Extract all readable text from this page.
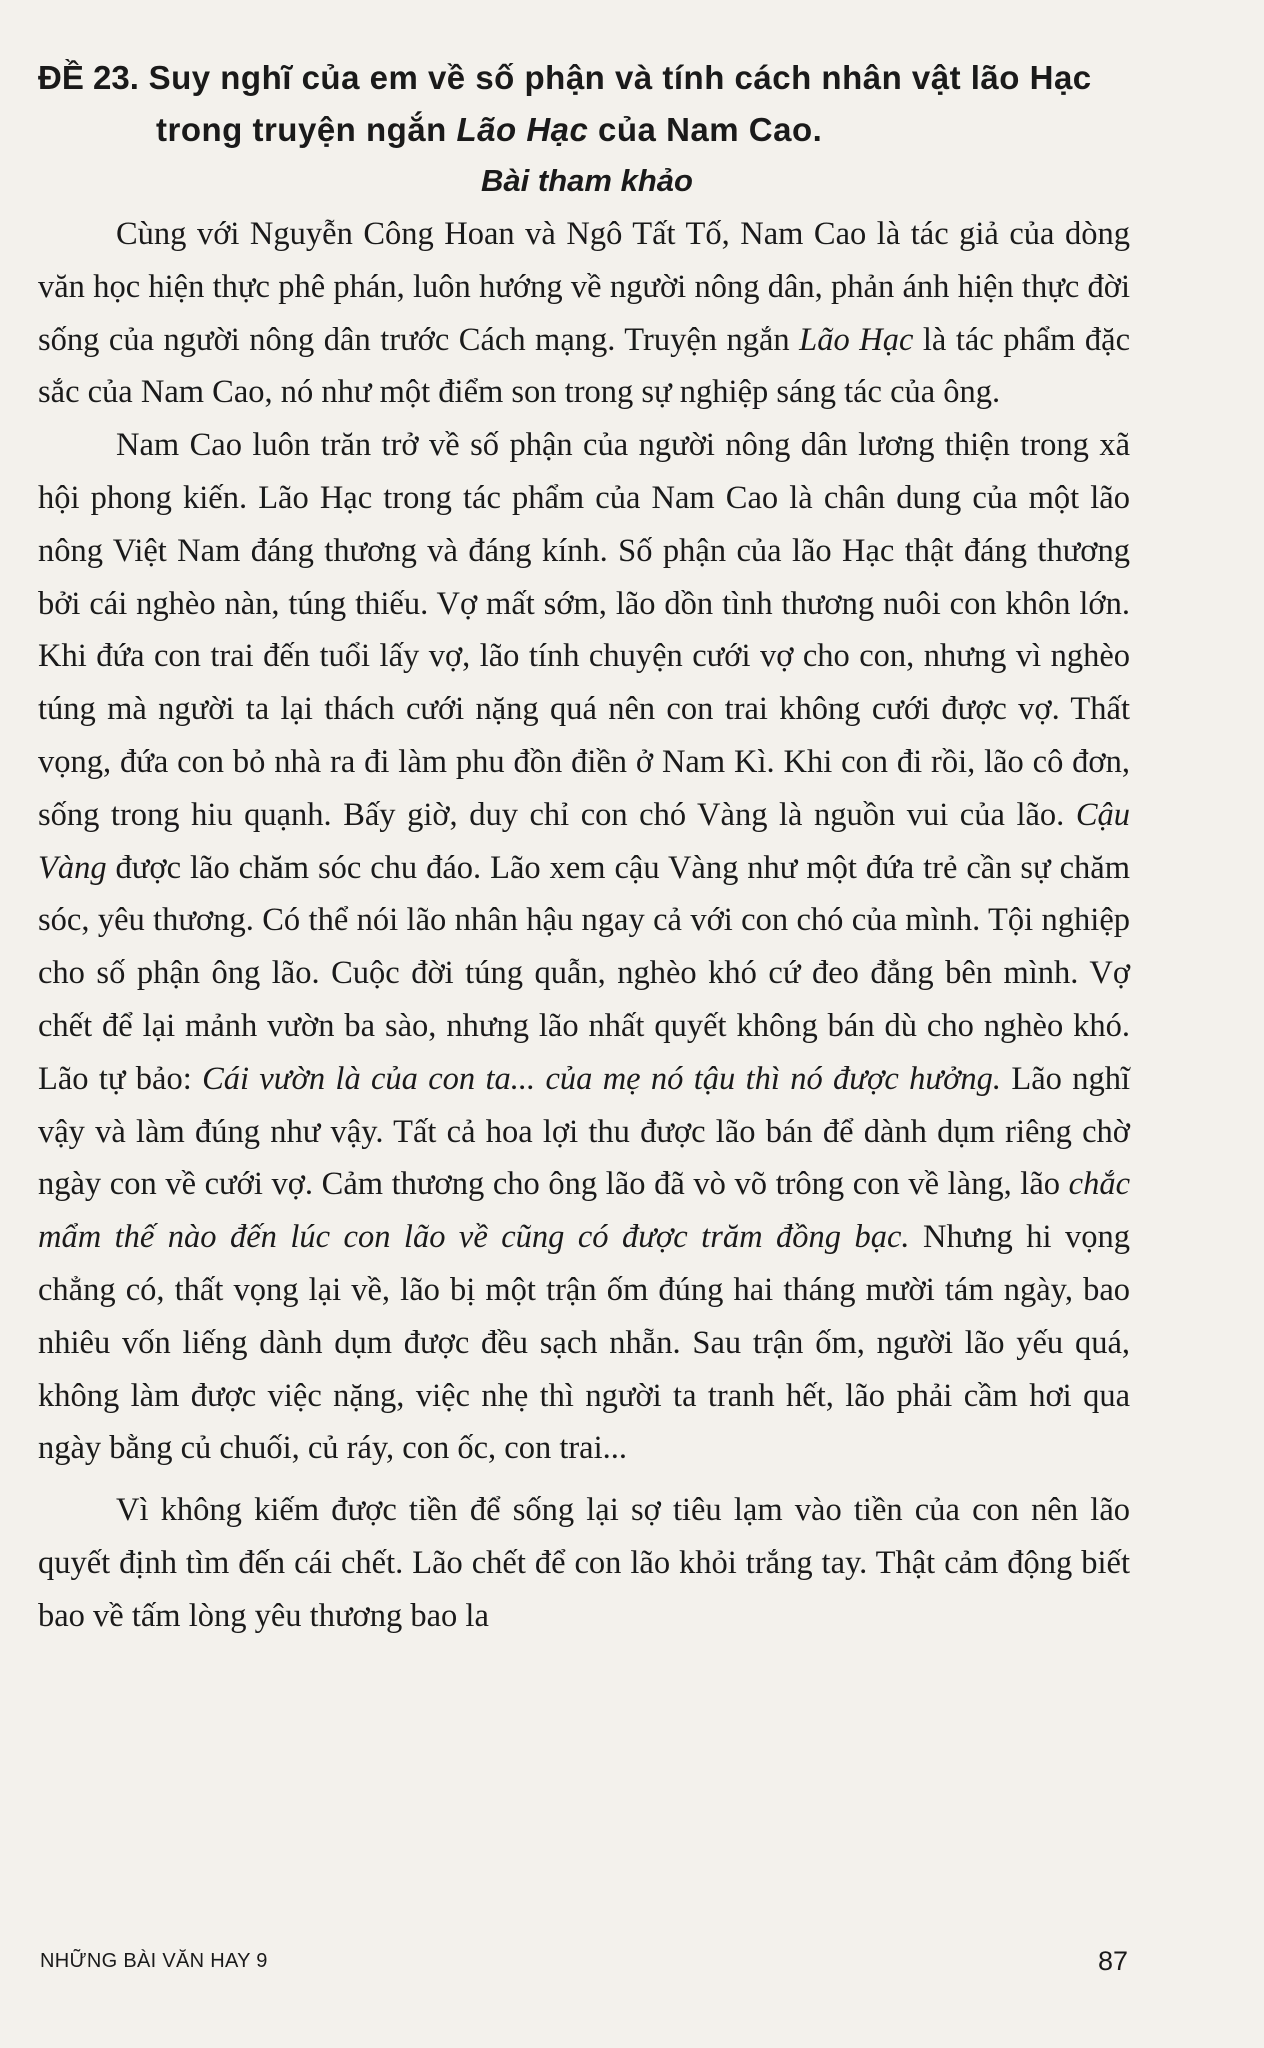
ĐỀ 23. Suy nghĩ của em về số phận và tính cách nhân vật lão Hạc trong truyện ngắn Lão Hạc của Nam Cao.

Bài tham khảo

Cùng với Nguyễn Công Hoan và Ngô Tất Tố, Nam Cao là tác giả của dòng văn học hiện thực phê phán, luôn hướng về người nông dân, phản ánh hiện thực đời sống của người nông dân trước Cách mạng. Truyện ngắn Lão Hạc là tác phẩm đặc sắc của Nam Cao, nó như một điểm son trong sự nghiệp sáng tác của ông.

Nam Cao luôn trăn trở về số phận của người nông dân lương thiện trong xã hội phong kiến. Lão Hạc trong tác phẩm của Nam Cao là chân dung của một lão nông Việt Nam đáng thương và đáng kính. Số phận của lão Hạc thật đáng thương bởi cái nghèo nàn, túng thiếu. Vợ mất sớm, lão dồn tình thương nuôi con khôn lớn. Khi đứa con trai đến tuổi lấy vợ, lão tính chuyện cưới vợ cho con, nhưng vì nghèo túng mà người ta lại thách cưới nặng quá nên con trai không cưới được vợ. Thất vọng, đứa con bỏ nhà ra đi làm phu đồn điền ở Nam Kì. Khi con đi rồi, lão cô đơn, sống trong hiu quạnh. Bấy giờ, duy chỉ con chó Vàng là nguồn vui của lão. Cậu Vàng được lão chăm sóc chu đáo. Lão xem cậu Vàng như một đứa trẻ cần sự chăm sóc, yêu thương. Có thể nói lão nhân hậu ngay cả với con chó của mình. Tội nghiệp cho số phận ông lão. Cuộc đời túng quẫn, nghèo khó cứ đeo đẳng bên mình. Vợ chết để lại mảnh vườn ba sào, nhưng lão nhất quyết không bán dù cho nghèo khó. Lão tự bảo: Cái vườn là của con ta... của mẹ nó tậu thì nó được hưởng. Lão nghĩ vậy và làm đúng như vậy. Tất cả hoa lợi thu được lão bán để dành dụm riêng chờ ngày con về cưới vợ. Cảm thương cho ông lão đã vò võ trông con về làng, lão chắc mẩm thế nào đến lúc con lão về cũng có được trăm đồng bạc. Nhưng hi vọng chẳng có, thất vọng lại về, lão bị một trận ốm đúng hai tháng mười tám ngày, bao nhiêu vốn liếng dành dụm được đều sạch nhẵn. Sau trận ốm, người lão yếu quá, không làm được việc nặng, việc nhẹ thì người ta tranh hết, lão phải cầm hơi qua ngày bằng củ chuối, củ ráy, con ốc, con trai...

Vì không kiếm được tiền để sống lại sợ tiêu lạm vào tiền của con nên lão quyết định tìm đến cái chết. Lão chết để con lão khỏi trắng tay. Thật cảm động biết bao về tấm lòng yêu thương bao la

NHỮNG BÀI VĂN HAY 9	87
